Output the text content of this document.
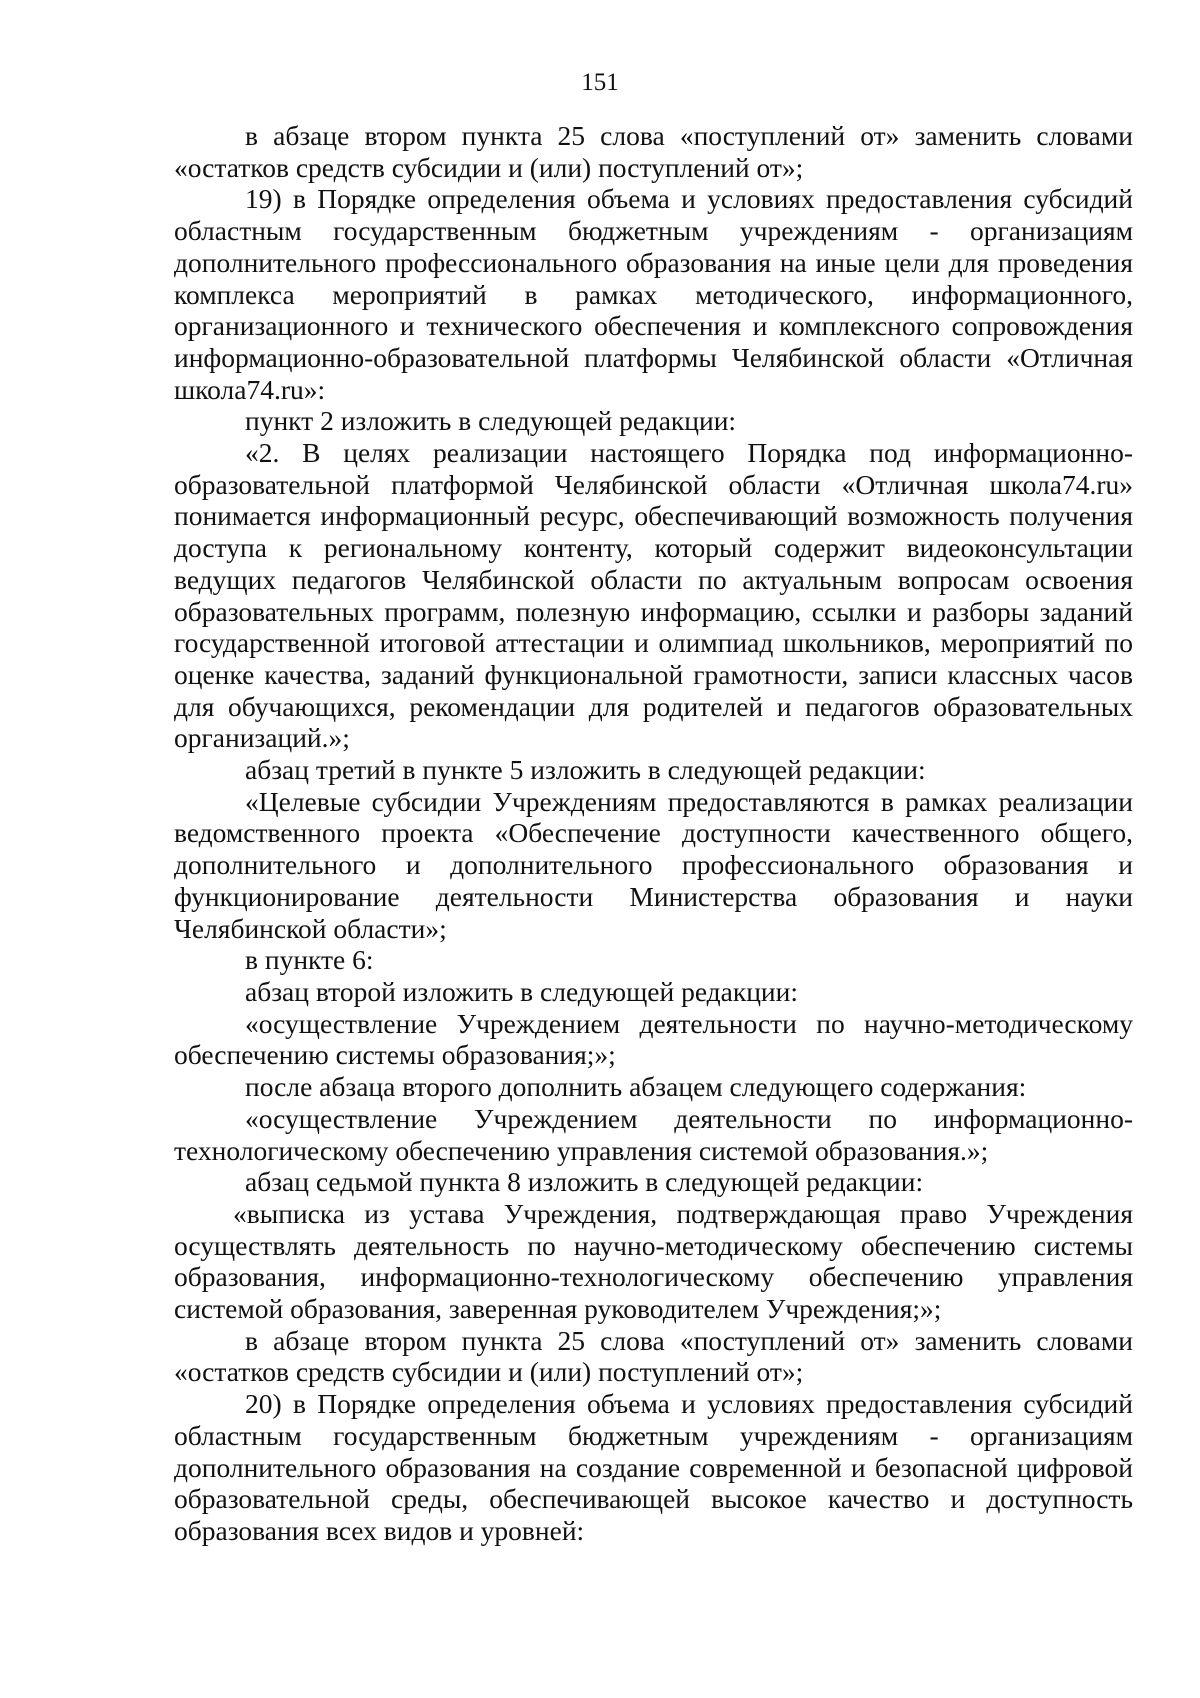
151

в абзаце втором пункта 25 слова «поступлений от» заменить словами «остатков средств субсидии и (или) поступлений от»;

19) в Порядке определения объема и условиях предоставления субсидий областным государственным бюджетным учреждениям - организациям дополнительного профессионального образования на иные цели для проведения комплекса мероприятий в рамках методического, информационного, организационного и технического обеспечения и комплексного сопровождения информационно-образовательной платформы Челябинской области «Отличная школа74.ru»:

пункт 2 изложить в следующей редакции:

«2. В целях реализации настоящего Порядка под информационно-образовательной платформой Челябинской области «Отличная школа74.ru» понимается информационный ресурс, обеспечивающий возможность получения доступа к региональному контенту, который содержит видеоконсультации ведущих педагогов Челябинской области по актуальным вопросам освоения образовательных программ, полезную информацию, ссылки и разборы заданий государственной итоговой аттестации и олимпиад школьников, мероприятий по оценке качества, заданий функциональной грамотности, записи классных часов для обучающихся, рекомендации для родителей и педагогов образовательных организаций.»;

абзац третий в пункте 5 изложить в следующей редакции:

«Целевые субсидии Учреждениям предоставляются в рамках реализации ведомственного проекта «Обеспечение доступности качественного общего, дополнительного и дополнительного профессионального образования и функционирование деятельности Министерства образования и науки Челябинской области»;

в пункте 6:

абзац второй изложить в следующей редакции:

«осуществление Учреждением деятельности по научно-методическому обеспечению системы образования;»;

после абзаца второго дополнить абзацем следующего содержания:

«осуществление Учреждением деятельности по информационно-технологическому обеспечению управления системой образования.»;

абзац седьмой пункта 8 изложить в следующей редакции:

«выписка из устава Учреждения, подтверждающая право Учреждения осуществлять деятельность по научно-методическому обеспечению системы образования, информационно-технологическому обеспечению управления системой образования, заверенная руководителем Учреждения;»;

в абзаце втором пункта 25 слова «поступлений от» заменить словами «остатков средств субсидии и (или) поступлений от»;

20) в Порядке определения объема и условиях предоставления субсидий областным государственным бюджетным учреждениям - организациям дополнительного образования на создание современной и безопасной цифровой образовательной среды, обеспечивающей высокое качество и доступность образования всех видов и уровней:
